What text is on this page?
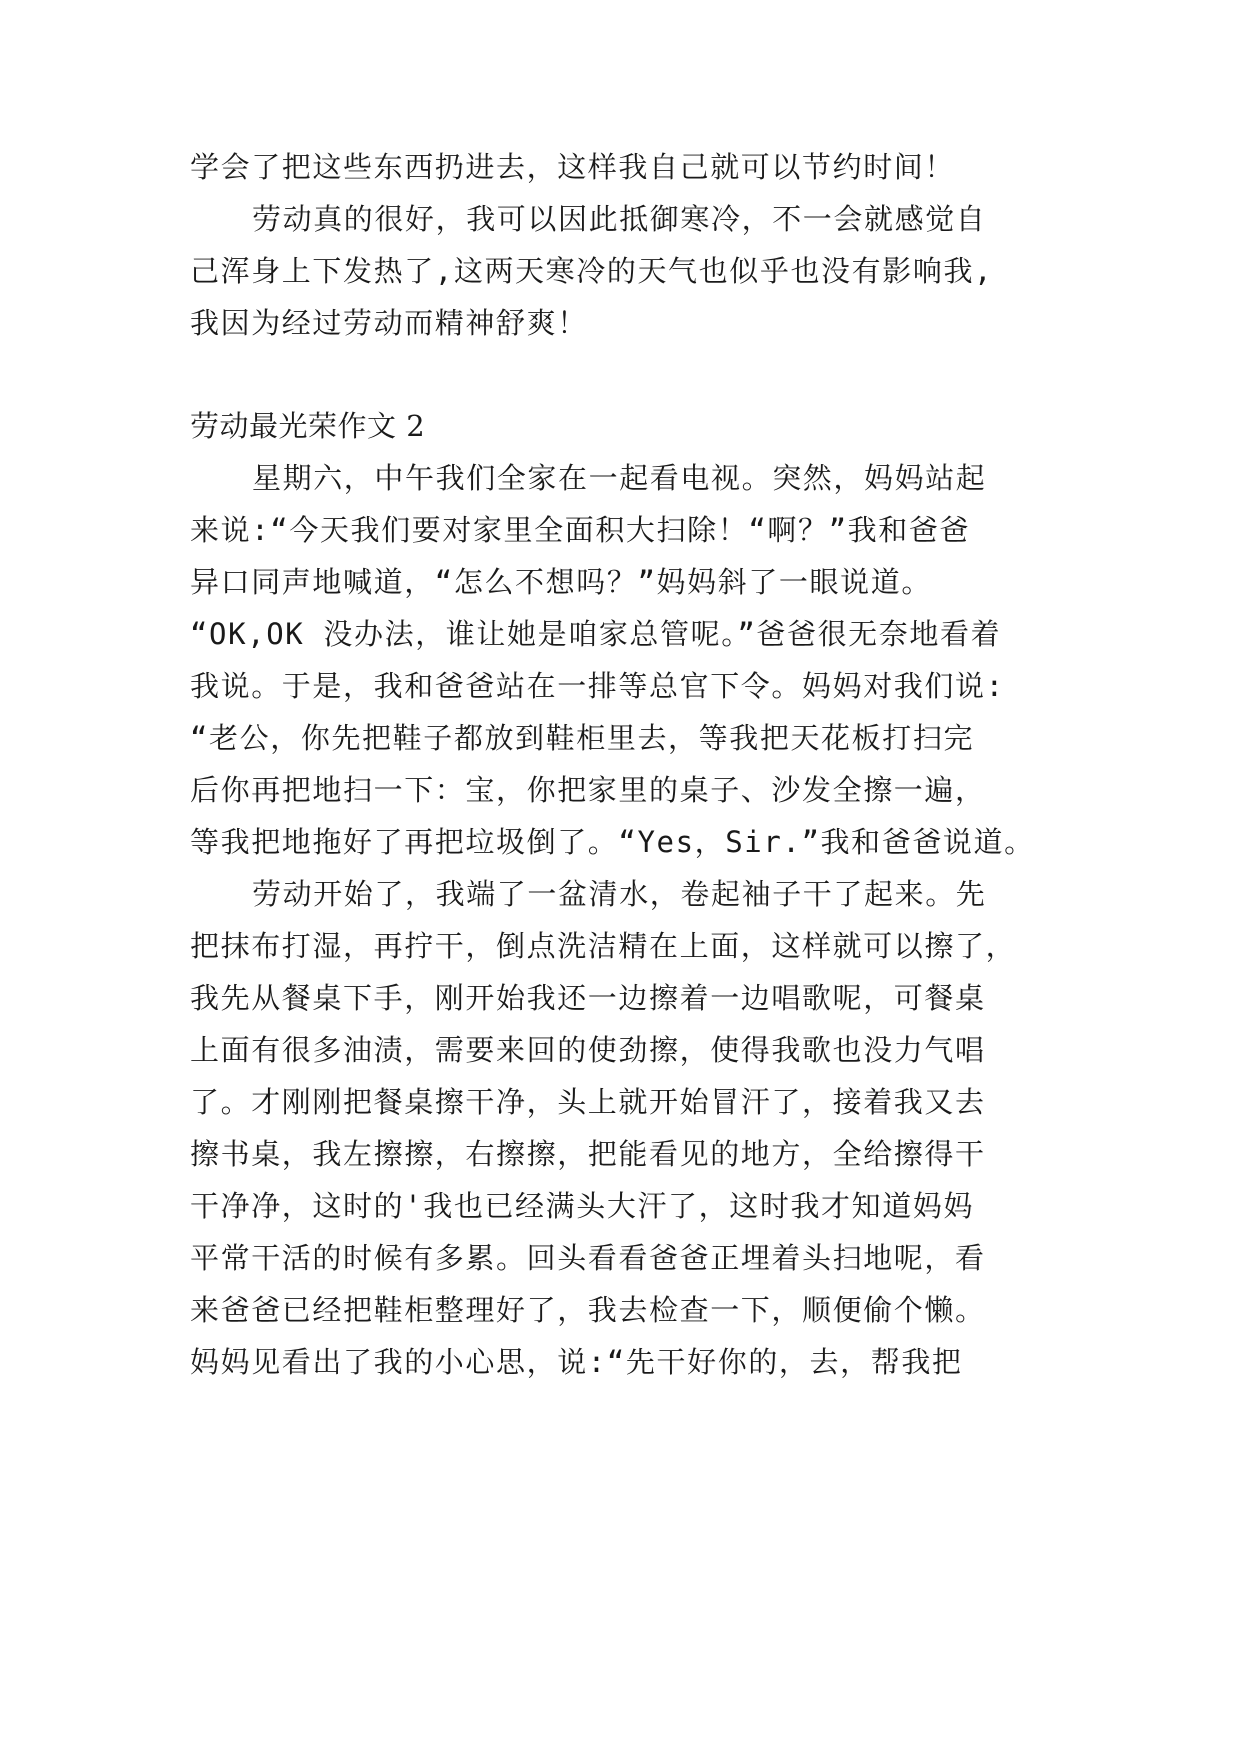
学会了把这些东西扔进去，这样我自己就可以节约时间！
劳动真的很好，我可以因此抵御寒冷，不一会就感觉自
己浑身上下发热了,这两天寒冷的天气也似乎也没有影响我,
我因为经过劳动而精神舒爽！
劳动最光荣作文 2
星期六，中午我们全家在一起看电视。突然，妈妈站起
来说:“今天我们要对家里全面积大扫除！“啊？”我和爸爸
异口同声地喊道，“怎么不想吗？”妈妈斜了一眼说道。
“OK,OK 没办法，谁让她是咱家总管呢。”爸爸很无奈地看着
我说。于是，我和爸爸站在一排等总官下令。妈妈对我们说:
“老公，你先把鞋子都放到鞋柜里去，等我把天花板打扫完
后你再把地扫一下：宝，你把家里的桌子、沙发全擦一遍，
等我把地拖好了再把垃圾倒了。“Yes，Sir.”我和爸爸说道。
劳动开始了，我端了一盆清水，卷起袖子干了起来。先
把抹布打湿，再拧干，倒点洗洁精在上面，这样就可以擦了，
我先从餐桌下手，刚开始我还一边擦着一边唱歌呢，可餐桌
上面有很多油渍，需要来回的使劲擦，使得我歌也没力气唱
了。才刚刚把餐桌擦干净，头上就开始冒汗了，接着我又去
擦书桌，我左擦擦，右擦擦，把能看见的地方，全给擦得干
干净净，这时的'我也已经满头大汗了，这时我才知道妈妈
平常干活的时候有多累。回头看看爸爸正埋着头扫地呢，看
来爸爸已经把鞋柜整理好了，我去检查一下，顺便偷个懒。
妈妈见看出了我的小心思，说:“先干好你的，去，帮我把
